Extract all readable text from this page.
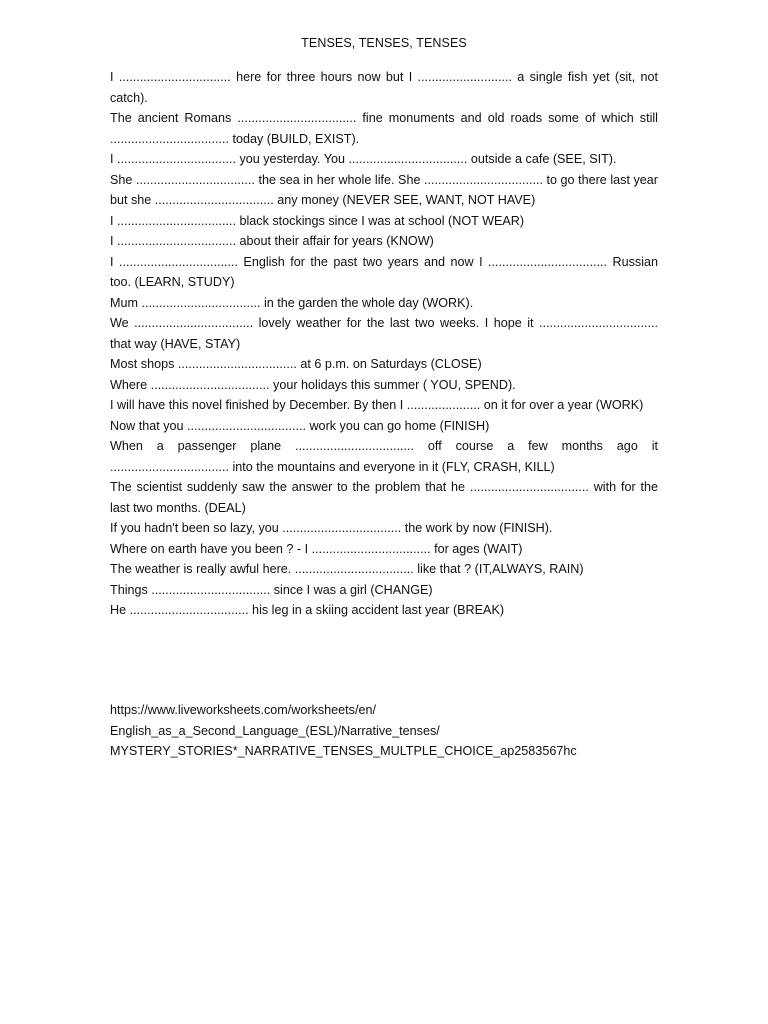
TENSES, TENSES, TENSES

I ................................ here for three hours now but I ........................... a single fish yet (sit, not catch).

The ancient Romans .................................. fine monuments and old roads some of which still .................................. today (BUILD, EXIST).

I .................................. you yesterday. You .................................. outside a cafe (SEE, SIT).

She .................................. the sea in her whole life. She .................................. to go there last year but she .................................. any money (NEVER SEE, WANT, NOT HAVE)

I .................................. black stockings since I was at school (NOT WEAR)

I .................................. about their affair for years (KNOW)

I .................................. English for the past two years and now I .................................. Russian too. (LEARN, STUDY)

Mum .................................. in the garden the whole day (WORK).

We .................................. lovely weather for the last two weeks. I hope it .................................. that way (HAVE, STAY)

Most shops .................................. at 6 p.m. on Saturdays (CLOSE)

Where .................................. your holidays this summer ( YOU, SPEND).

I will have this novel finished by December. By then I ..................... on it for over a year (WORK)

Now that you .................................. work you can go home (FINISH)

When a passenger plane .................................. off course a few months ago it .................................. into the mountains and everyone in it (FLY, CRASH, KILL)

The scientist suddenly saw the answer to the problem that he .................................. with for the last two months. (DEAL)

If you hadn't been so lazy, you .................................. the work by now (FINISH).

Where on earth have you been ? - I .................................. for ages (WAIT)

The weather is really awful here. .................................. like that ? (IT,ALWAYS, RAIN)

Things .................................. since I was a girl (CHANGE)

He .................................. his leg in a skiing accident last year (BREAK)

https://www.liveworksheets.com/worksheets/en/
English_as_a_Second_Language_(ESL)/Narrative_tenses/
MYSTERY_STORIES*_NARRATIVE_TENSES_MULTPLE_CHOICE_ap2583567hc
